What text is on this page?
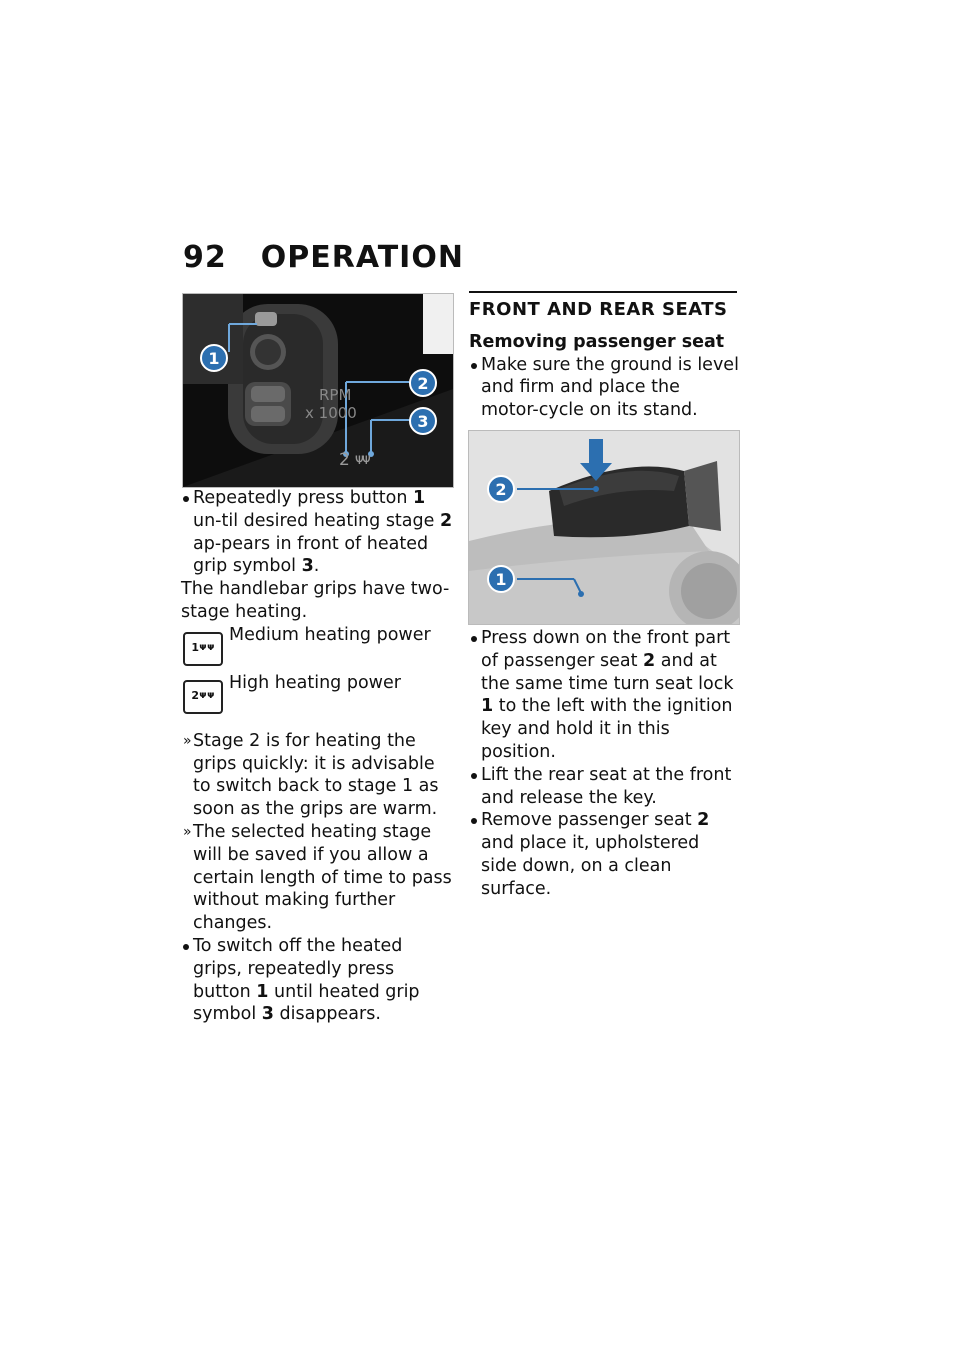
92 OPERATION
RPM
x 1000
2 ᴪᴪ
1
2
3
Repeatedly press button 1 un-til desired heating stage 2 ap-pears in front of heated grip symbol 3.
The handlebar grips have two-stage heating.
1 ᴪᴪ
Medium heating power
2 ᴪᴪ
High heating power
» Stage 2 is for heating the grips quickly: it is advisable to switch back to stage 1 as soon as the grips are warm.
» The selected heating stage will be saved if you allow a certain length of time to pass without making further changes.
To switch off the heated grips, repeatedly press button 1 until heated grip symbol 3 disappears.
FRONT AND REAR SEATS
Removing passenger seat
Make sure the ground is level and firm and place the motor-cycle on its stand.
2
1
Press down on the front part of passenger seat 2 and at the same time turn seat lock 1 to the left with the ignition key and hold it in this position.
Lift the rear seat at the front and release the key.
Remove passenger seat 2 and place it, upholstered side down, on a clean surface.
